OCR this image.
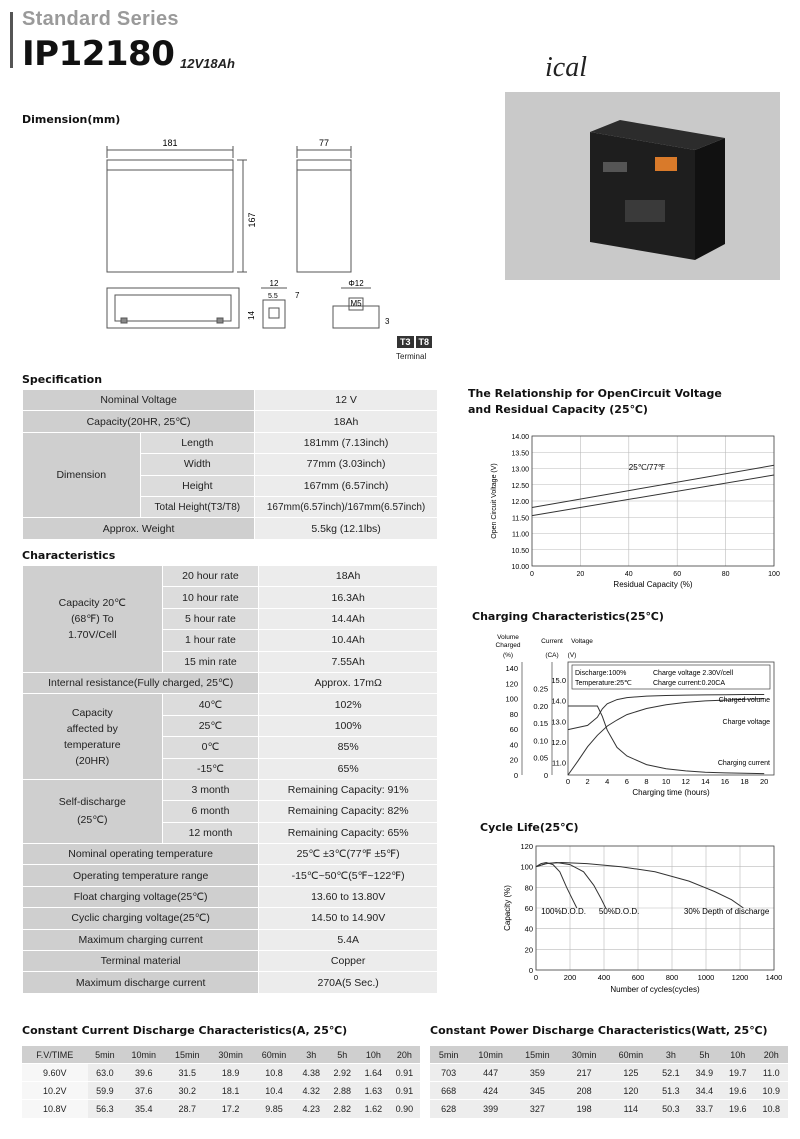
Standard Series
IP12180 12V18Ah	ical
Dimension(mm)
181	77
167
12
7
14
5.5
Φ12
M5
3
T3 T8
Terminal
Specification
Nominal Voltage		12 V
Capacity(20HR, 25℃)		18Ah
Dimension	Length	181mm (7.13inch)
	Width	77mm (3.03inch)
	Height	167mm (6.57inch)
	Total Height(T3/T8)	167mm(6.57inch)/167mm(6.57inch)
Approx. Weight		5.5kg (12.1lbs)
Characteristics
Capacity 20℃
(68℉) To
1.70V/Cell	20 hour rate	18Ah
	10 hour rate	16.3Ah
	5 hour rate	14.4Ah
	1 hour rate	10.4Ah
	15 min rate	7.55Ah
Internal resistance(Fully charged, 25℃)		Approx. 17mΩ

Capacity
affected by
temperature
(20HR)	40℃	102%
	25℃	100%
	0℃	85%
	-15℃	65%

Self-discharge
(25℃)	3 month	Remaining Capacity: 91%
	6 month	Remaining Capacity: 82%
	12 month	Remaining Capacity: 65%
Nominal operating temperature		25℃ ±3℃(77℉ ±5℉)
Operating temperature range		-15℃~50℃(5℉~122℉)
Float charging voltage(25℃)		13.60 to 13.80V
Cyclic charging voltage(25℃)		14.50 to 14.90V
Maximum charging current		5.4A
Terminal material		Copper
Maximum discharge current		270A(5 Sec.)
The Relationship for OpenCircuit Voltage
and Residual Capacity (25℃)
10.00
10.50
11.00
11.50
12.00
12.50
13.00
13.50
14.00
0	20	40	60	80	100
25℃/77℉
Residual Capacity (%)
Open Circuit Voltage (V)
Charging Characteristics(25℃)
Volume
Charged
(%)
Current
(CA)
Voltage
(V)
0
20
40
60
80
100
120
140
0
0.05
0.10
0.15
0.20
0.25
11.0
12.0
13.0
14.0
15.0
0 2 4 6 8 10 12 14 16 18 20
Charging time (hours)
Discharge:100%
Temperature:25℃
Charge voltage 2.30V/cell
Charge current:0.20CA
Charged volume
Charge voltage
Charging current
Cycle Life(25℃)
0
20
40
60
80
100
120
0	200	400	600	800	1000 1200 1400
100%D.O.D. 50%D.O.D.	30% Depth of discharge
Number of cycles(cycles)
Capacity (%)
Constant Current Discharge Characteristics(A, 25℃)
F.V/TIME	5min	10min	15min	30min	60min	3h	5h	10h	20h
9.60V	63.0	39.6	31.5	18.9	10.8	4.38	2.92	1.64	0.91
10.2V	59.9	37.6	30.2	18.1	10.4	4.32	2.88	1.63	0.91
10.8V	56.3	35.4	28.7	17.2	9.85	4.23	2.82	1.62	0.90
Constant Power Discharge Characteristics(Watt, 25℃)
5min	10min	15min	30min	60min	3h	5h	10h	20h
703	447	359	217	125	52.1	34.9	19.7	11.0
668	424	345	208	120	51.3	34.4	19.6	10.9
628	399	327	198	114	50.3	33.7	19.6	10.8
